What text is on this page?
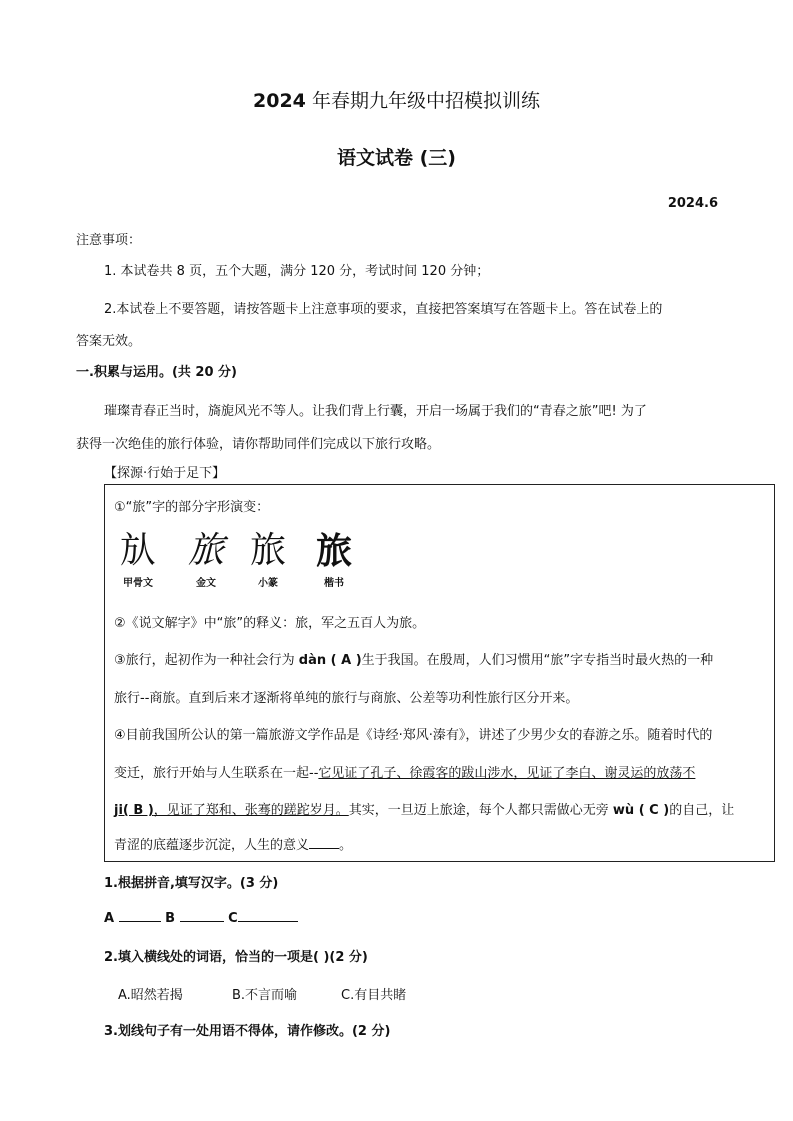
2024 年春期九年级中招模拟训练
语文试卷 (三)
2024.6
注意事项：
1. 本试卷共 8 页，五个大题，满分 120 分，考试时间 120 分钟；
2.本试卷上不要答题，请按答题卡上注意事项的要求，直接把答案填写在答题卡上。答在试卷上的
答案无效。
一.积累与运用。(共 20 分)
璀璨青春正当时，旖旎风光不等人。让我们背上行囊，开启一场属于我们的“青春之旅”吧! 为了
获得一次绝佳的旅行体验，请你帮助同伴们完成以下旅行攻略。
【探源·行始于足下】
①“旅”字的部分字形演变：
㫃
甲骨文
旅
金文
旅
小篆
旅
楷书
②《说文解字》中“旅”的释义：旅，军之五百人为旅。
③旅行，起初作为一种社会行为 dàn ( A )生于我国。在殷周，人们习惯用“旅”字专指当时最火热的一种
旅行--商旅。直到后来才逐渐将单纯的旅行与商旅、公差等功利性旅行区分开来。
④目前我国所公认的第一篇旅游文学作品是《诗经·郑风·溱有》，讲述了少男少女的春游之乐。随着时代的
变迁，旅行开始与人生联系在一起--它见证了孔子、徐霞客的跋山涉水，见证了李白、谢灵运的放荡不
ji( B )，见证了郑和、张骞的蹉跎岁月。其实，一旦迈上旅途，每个人都只需做心无旁 wù ( C )的自己，让
青涩的底蕴逐步沉淀，人生的意义 。
1.根据拼音,填写汉字。(3 分)
A	B	C
2.填入横线处的词语，恰当的一项是( )(2 分)
A.昭然若揭	B.不言而喻	C.有目共睹
3.划线句子有一处用语不得体，请作修改。(2 分)
